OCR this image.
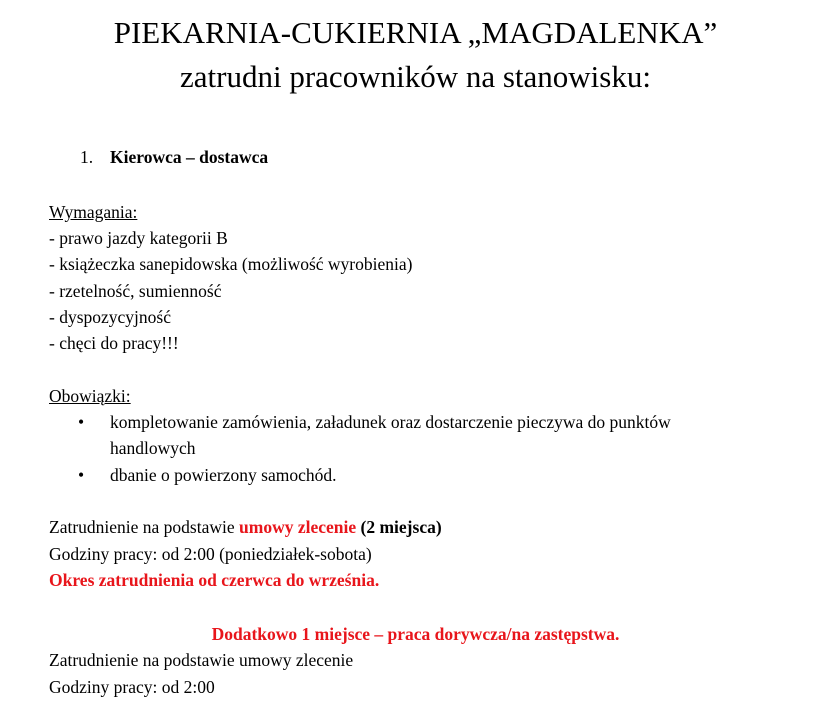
PIEKARNIA-CUKIERNIA „MAGDALENKA”
zatrudni pracowników na stanowisku:
1. Kierowca – dostawca
Wymagania:
- prawo jazdy kategorii B
- książeczka sanepidowska (możliwość wyrobienia)
- rzetelność, sumienność
- dyspozycyjność
- chęci do pracy!!!
Obowiązki:
• kompletowanie zamówienia, załadunek oraz dostarczenie pieczywa do punktów
handlowych
• dbanie o powierzony samochód.
Zatrudnienie na podstawie umowy zlecenie (2 miejsca)
Godziny pracy: od 2:00 (poniedziałek-sobota)
Okres zatrudnienia od czerwca do września.
Dodatkowo 1 miejsce – praca dorywcza/na zastępstwa.
Zatrudnienie na podstawie umowy zlecenie
Godziny pracy: od 2:00
